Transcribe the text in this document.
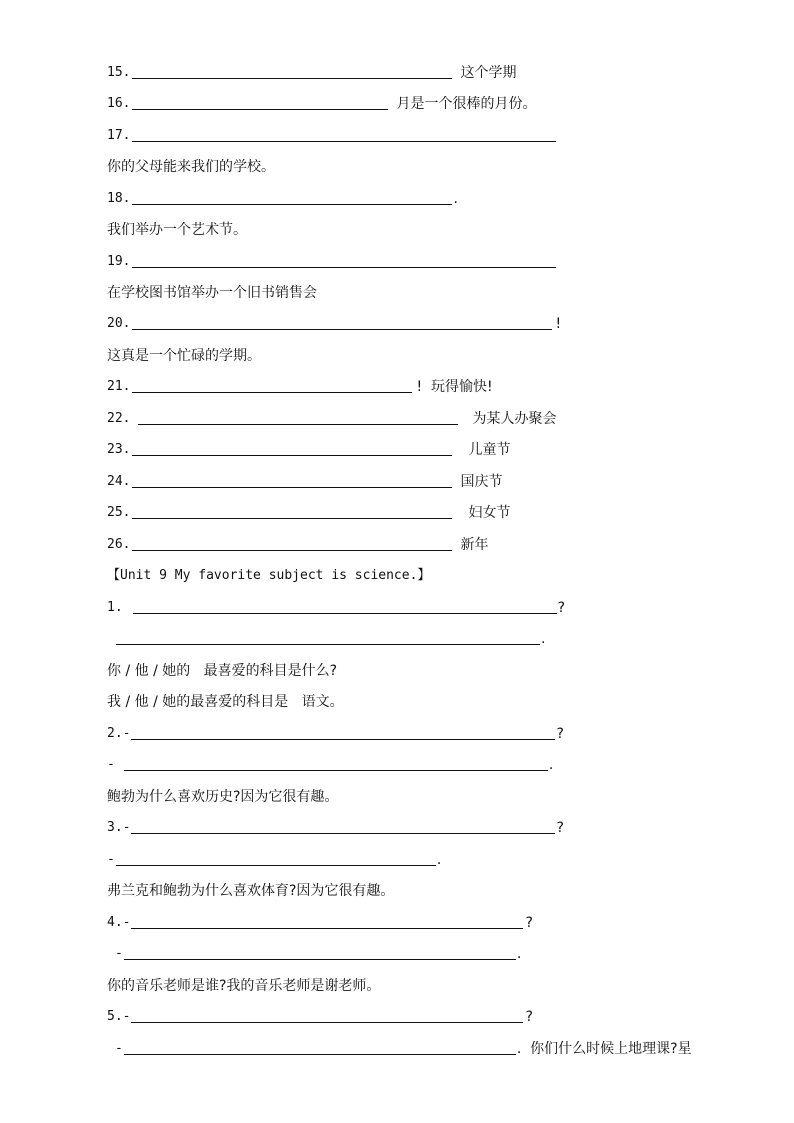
15.	这个学期
16.	月是一个很棒的月份。
17.
你的父母能来我们的学校。
18.	.
我们举办一个艺术节。
19.
在学校图书馆举办一个旧书销售会
20.	!
这真是一个忙碌的学期。
21.	!  玩得愉快!
22.	为某人办聚会
23.	儿童节
24.	国庆节
25.	妇女节
26.	新年
【Unit 9 My favorite subject is science.】
1.	?
.
你 / 他 / 她的   最喜爱的科目是什么?
我 / 他 / 她的最喜爱的科目是   语文。
2.-	?
-	.
鲍勃为什么喜欢历史?因为它很有趣。
3.-	?
-	.
弗兰克和鲍勃为什么喜欢体育?因为它很有趣。
4.-	?
-	.
你的音乐老师是谁?我的音乐老师是谢老师。
5.-	?
-	.  你们什么时候上地理课?星
